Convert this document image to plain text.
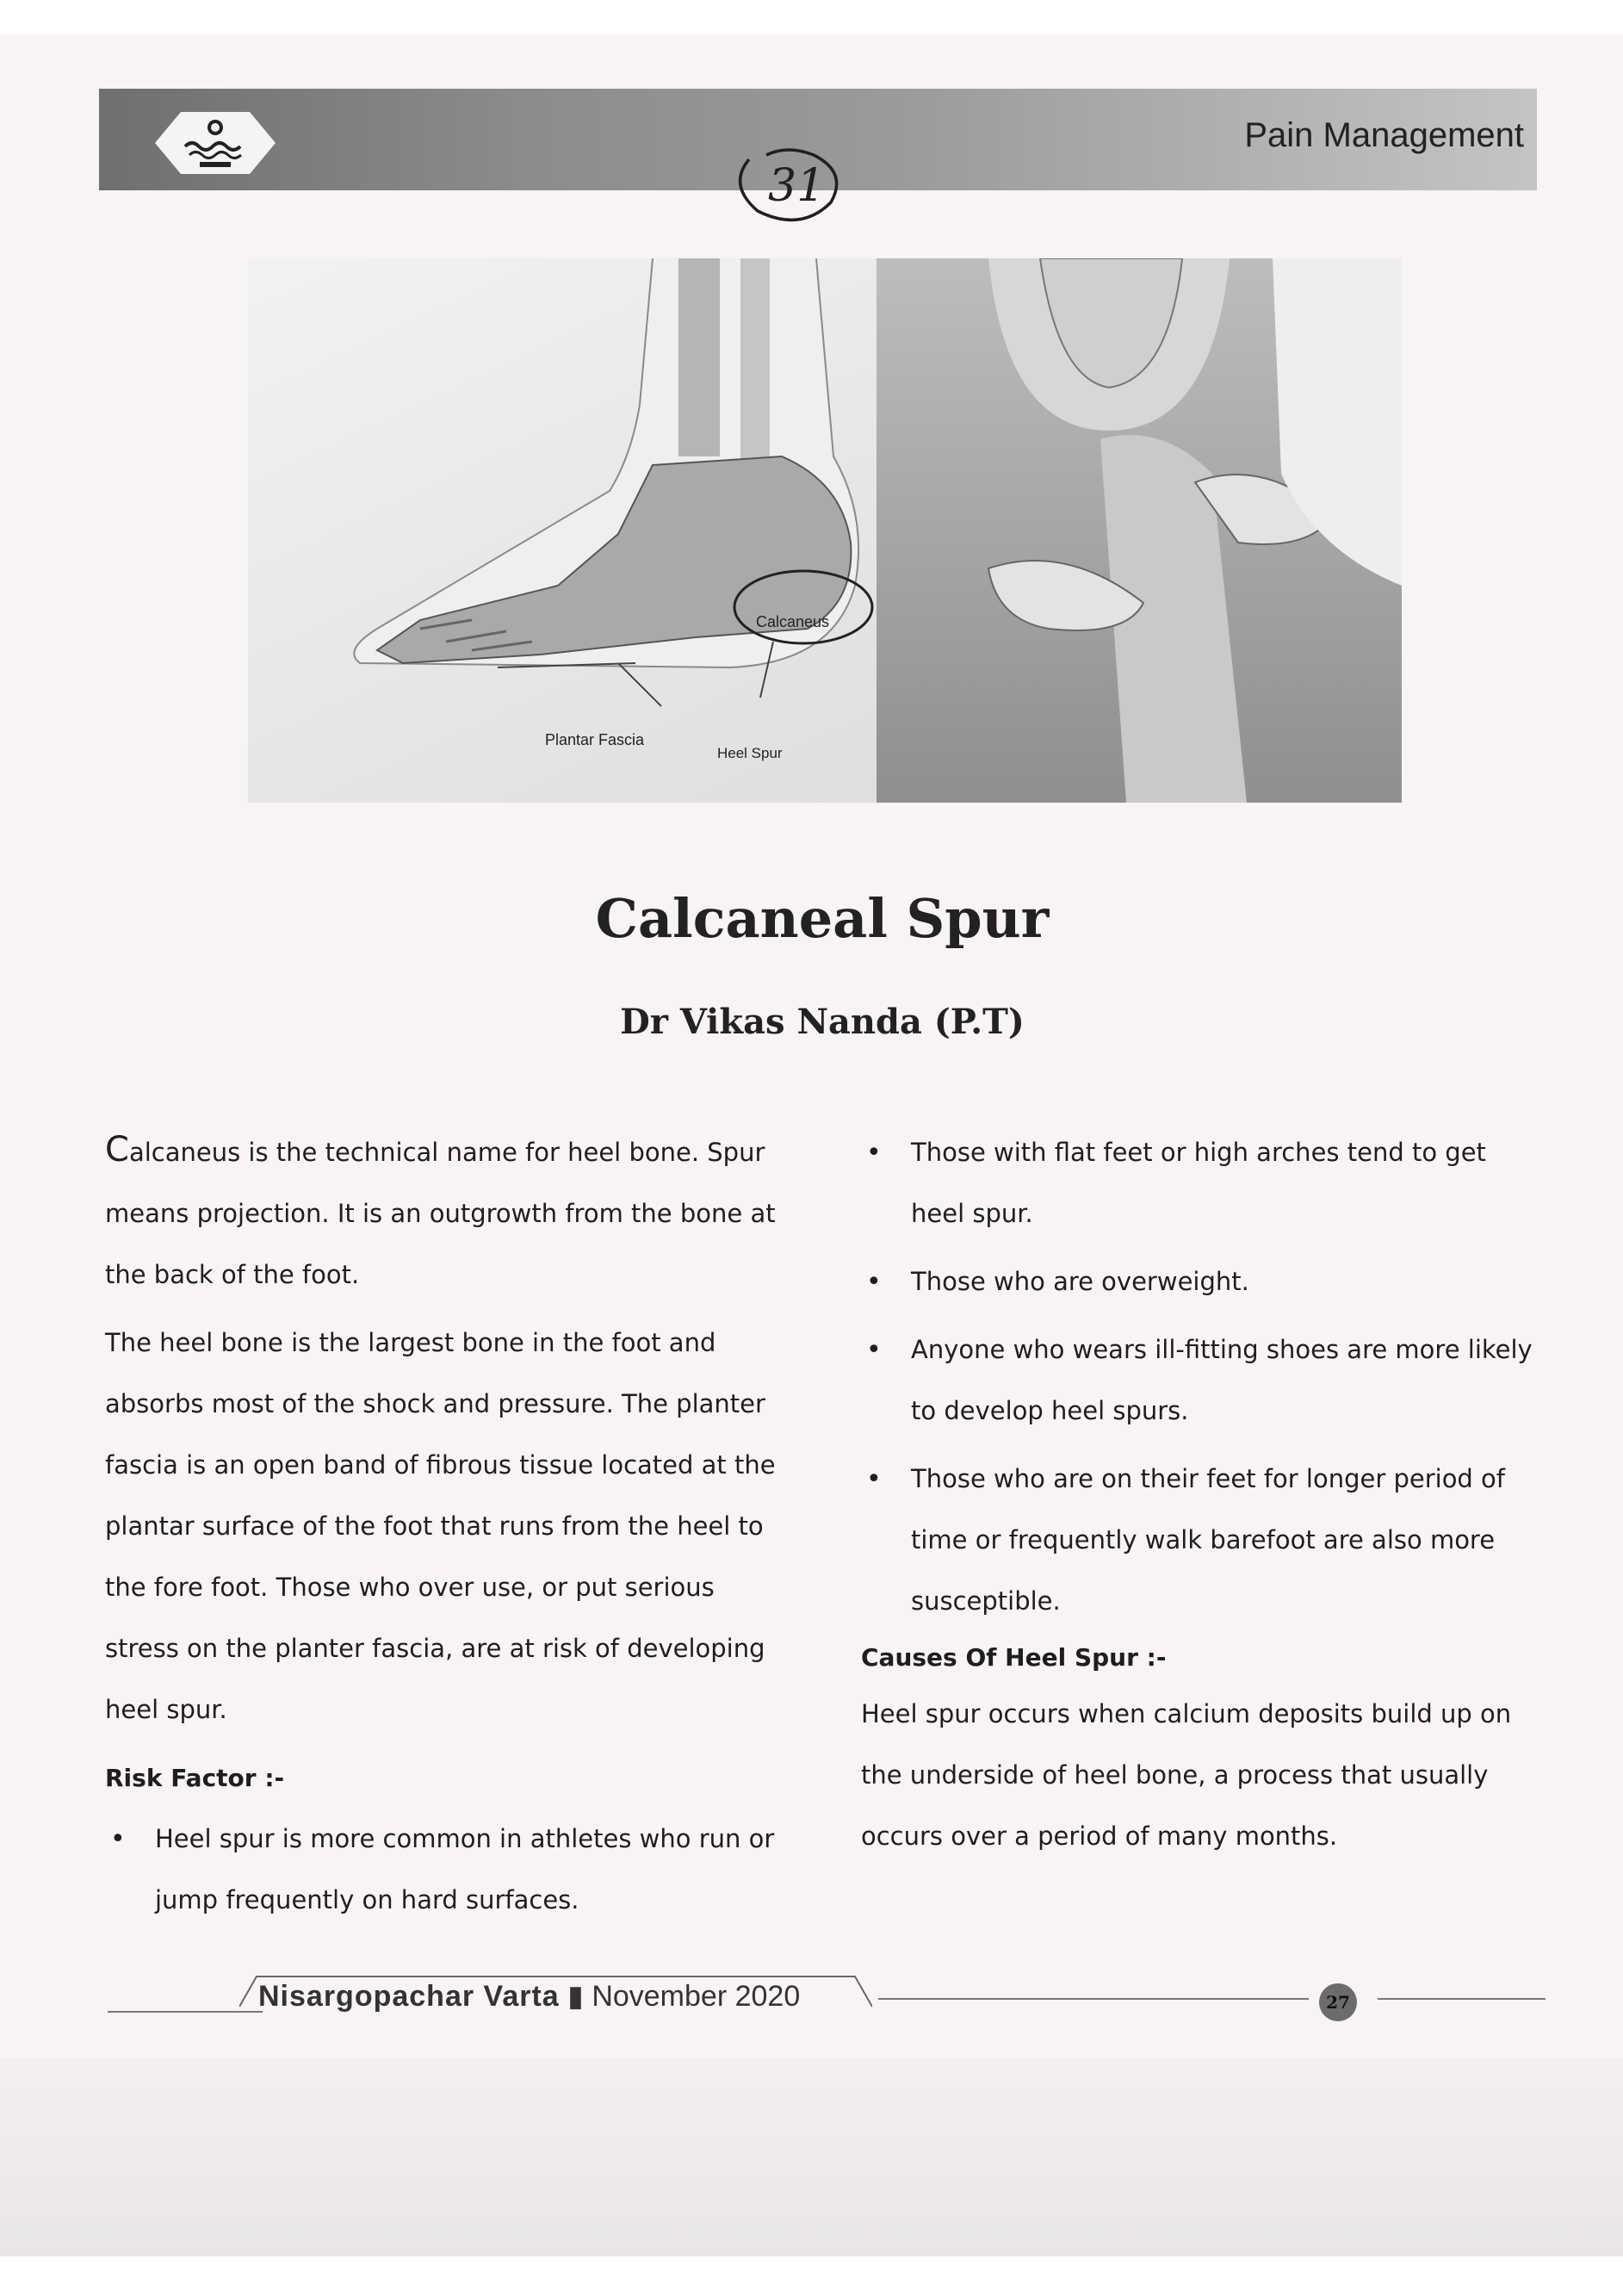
Pain Management
31
Calcaneus
Plantar Fascia
Heel Spur
Calcaneal Spur
Dr Vikas Nanda (P.T)

Calcaneus is the technical name for heel bone. Spur means projection. It is an outgrowth from the bone at the back of the foot.

The heel bone is the largest bone in the foot and absorbs most of the shock and pressure. The planter fascia is an open band of fibrous tissue located at the plantar surface of the foot that runs from the heel to the fore foot. Those who over use, or put serious stress on the planter fascia, are at risk of developing heel spur.

Risk Factor :-

•	Heel spur is more common in athletes who run or jump frequently on hard surfaces.
•	Those with flat feet or high arches tend to get heel spur.
•	Those who are overweight.
•	Anyone who wears ill-fitting shoes are more likely to develop heel spurs.
•	Those who are on their feet for longer period of time or frequently walk barefoot are also more susceptible.

Causes Of Heel Spur :-

Heel spur occurs when calcium deposits build up on the underside of heel bone, a process that usually occurs over a period of many months.

Nisargopachar Varta ▮ November 2020	27
